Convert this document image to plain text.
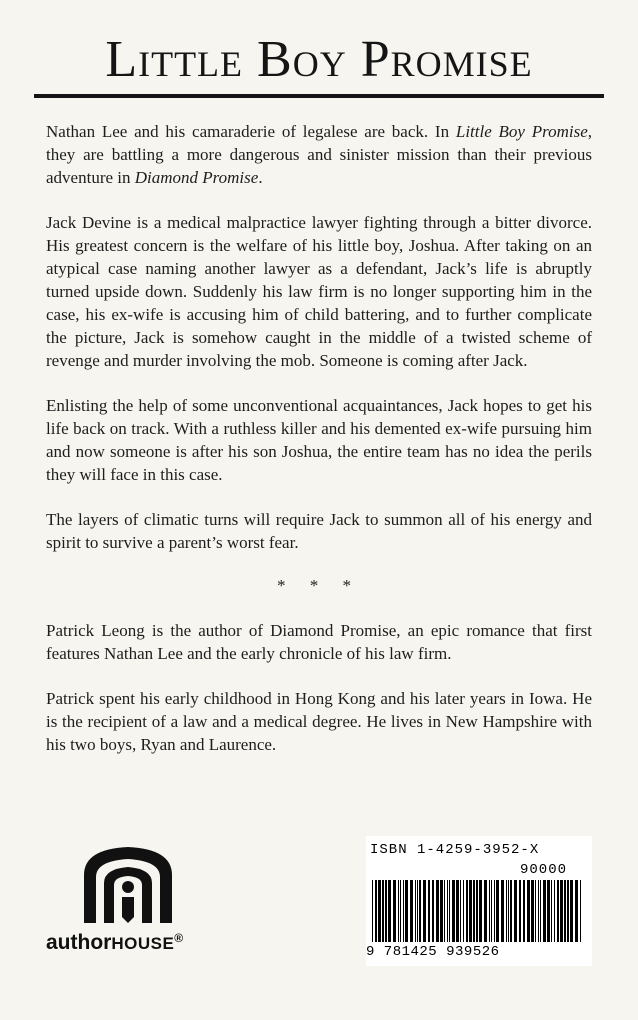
Little Boy Promise

Nathan Lee and his camaraderie of legalese are back. In Little Boy Promise, they are battling a more dangerous and sinister mission than their previous adventure in Diamond Promise.

Jack Devine is a medical malpractice lawyer fighting through a bitter divorce. His greatest concern is the welfare of his little boy, Joshua. After taking on an atypical case naming another lawyer as a defendant, Jack’s life is abruptly turned upside down. Suddenly his law firm is no longer supporting him in the case, his ex-wife is accusing him of child battering, and to further complicate the picture, Jack is somehow caught in the middle of a twisted scheme of revenge and murder involving the mob. Someone is coming after Jack.

Enlisting the help of some unconventional acquaintances, Jack hopes to get his life back on track. With a ruthless killer and his demented ex-wife pursuing him and now someone is after his son Joshua, the entire team has no idea the perils they will face in this case.

The layers of climatic turns will require Jack to summon all of his energy and spirit to survive a parent’s worst fear.

* * *

Patrick Leong is the author of Diamond Promise, an epic romance that first features Nathan Lee and the early chronicle of his law firm.

Patrick spent his early childhood in Hong Kong and his later years in Iowa. He is the recipient of a law and a medical degree. He lives in New Hampshire with his two boys, Ryan and Laurence.

authorHOUSE®
ISBN 1-4259-3952-X
90000
9 781425 939526
